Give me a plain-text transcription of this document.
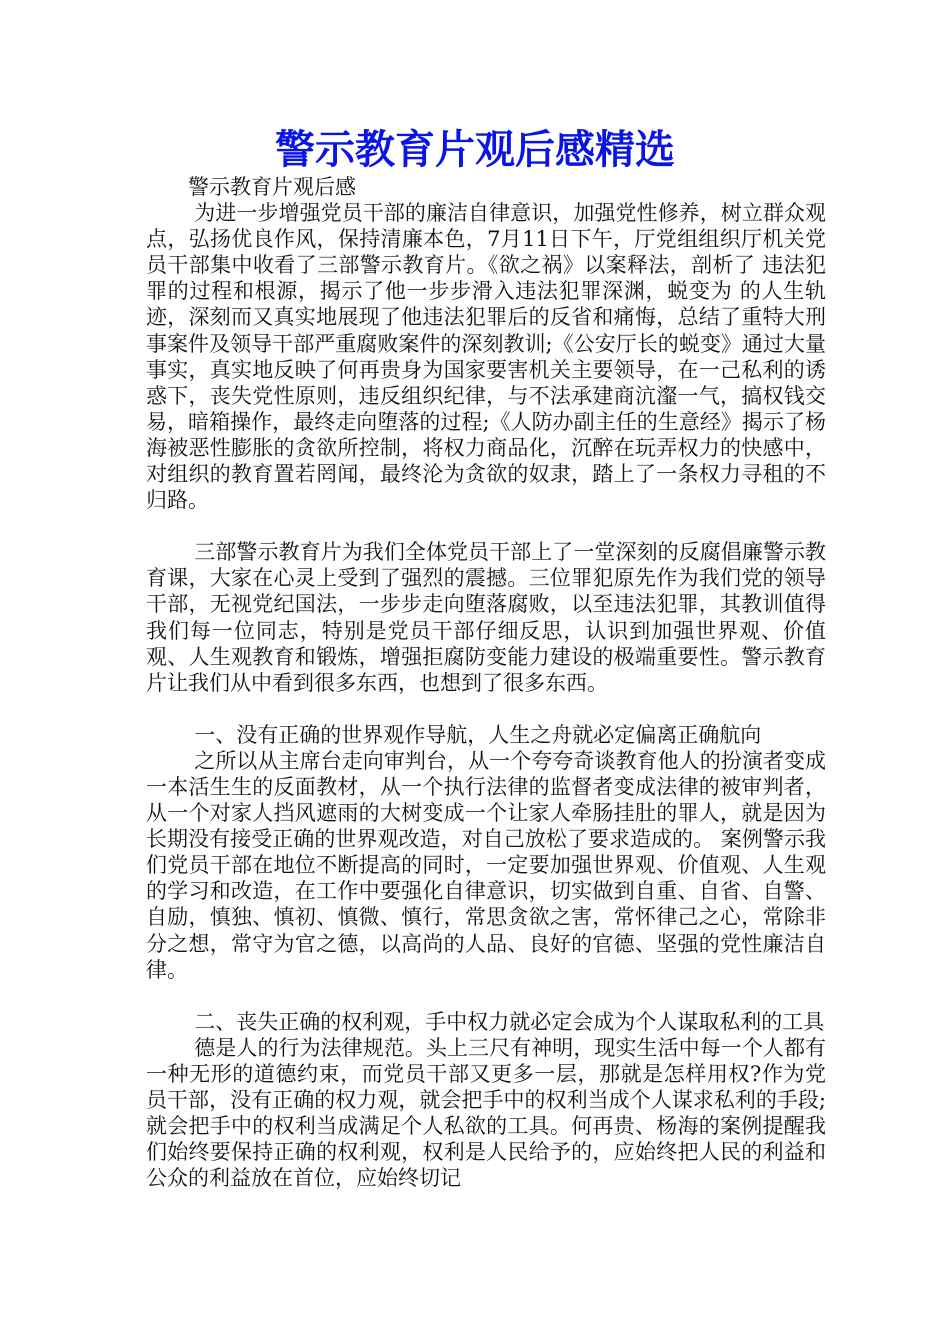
警示教育片观后感精选

警示教育片观后感

为进一步增强党员干部的廉洁自律意识，加强党性修养，树立群众观点，弘扬优良作风，保持清廉本色，7月11日下午，厅党组组织厅机关党员干部集中收看了三部警示教育片。《欲之祸》以案释法，剖析了 违法犯罪的过程和根源，揭示了他一步步滑入违法犯罪深渊，蜕变为 的人生轨迹，深刻而又真实地展现了他违法犯罪后的反省和痛悔，总结了重特大刑事案件及领导干部严重腐败案件的深刻教训;《公安厅长的蜕变》通过大量事实，真实地反映了何再贵身为国家要害机关主要领导，在一己私利的诱惑下，丧失党性原则，违反组织纪律，与不法承建商沆瀣一气，搞权钱交易，暗箱操作，最终走向堕落的过程;《人防办副主任的生意经》揭示了杨海被恶性膨胀的贪欲所控制，将权力商品化，沉醉在玩弄权力的快感中，对组织的教育置若罔闻，最终沦为贪欲的奴隶，踏上了一条权力寻租的不归路。

三部警示教育片为我们全体党员干部上了一堂深刻的反腐倡廉警示教育课，大家在心灵上受到了强烈的震撼。三位罪犯原先作为我们党的领导干部，无视党纪国法，一步步走向堕落腐败，以至违法犯罪，其教训值得我们每一位同志，特别是党员干部仔细反思，认识到加强世界观、价值观、人生观教育和锻炼，增强拒腐防变能力建设的极端重要性。警示教育片让我们从中看到很多东西，也想到了很多东西。

一、没有正确的世界观作导航，人生之舟就必定偏离正确航向

之所以从主席台走向审判台，从一个夸夸奇谈教育他人的扮演者变成一本活生生的反面教材，从一个执行法律的监督者变成法律的被审判者，从一个对家人挡风遮雨的大树变成一个让家人牵肠挂肚的罪人，就是因为长期没有接受正确的世界观改造，对自己放松了要求造成的。 案例警示我们党员干部在地位不断提高的同时，一定要加强世界观、价值观、人生观的学习和改造，在工作中要强化自律意识，切实做到自重、自省、自警、自励，慎独、慎初、慎微、慎行，常思贪欲之害，常怀律己之心，常除非分之想，常守为官之德，以高尚的人品、良好的官德、坚强的党性廉洁自律。

二、丧失正确的权利观，手中权力就必定会成为个人谋取私利的工具

德是人的行为法律规范。头上三尺有神明，现实生活中每一个人都有一种无形的道德约束，而党员干部又更多一层，那就是怎样用权?作为党员干部，没有正确的权力观，就会把手中的权利当成个人谋求私利的手段;就会把手中的权利当成满足个人私欲的工具。何再贵、杨海的案例提醒我们始终要保持正确的权利观，权利是人民给予的，应始终把人民的利益和公众的利益放在首位，应始终切记
